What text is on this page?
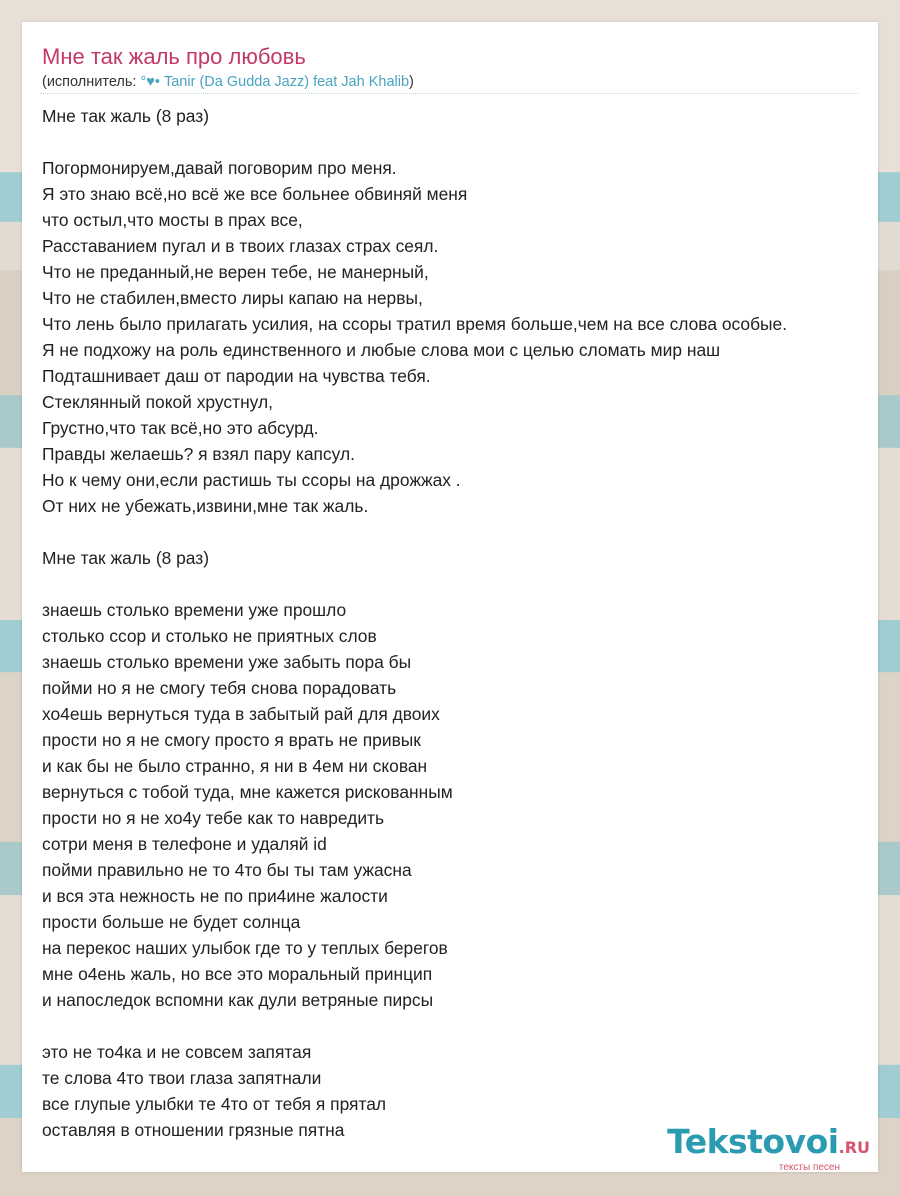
Мне так жаль про любовь
(исполнитель: °♥• Tanir (Da Gudda Jazz) feat Jah Khalib)
Мне так жаль (8 раз)
Погормонируем,давай поговорим про меня.
Я это знаю всё,но всё же все больнее обвиняй меня
что остыл,что мосты в прах все,
Расставанием пугал и в твоих глазах страх сеял.
Что не преданный,не верен тебе, не манерный,
Что не стабилен,вместо лиры капаю на нервы,
Что лень было прилагать усилия, на ссоры тратил время больше,чем на все слова особые.
Я не подхожу на роль единственного и любые слова мои с целью сломать мир наш
Подташнивает даш от пародии на чувства тебя.
Стеклянный покой хрустнул,
Грустно,что так всё,но это абсурд.
Правды желаешь? я взял пару капсул.
Но к чему они,если растишь ты ссоры на дрожжах .
От них не убежать,извини,мне так жаль.
Мне так жаль (8 раз)
знаешь столько времени уже прошло
столько ссор и столько не приятных слов
знаешь столько времени уже забыть пора бы
пойми но я не смогу тебя снова порадовать
хо4ешь вернуться туда в забытый рай для двоих
прости но я не смогу просто я врать не привык
и как бы не было странно, я ни в 4ем ни скован
вернуться с тобой туда, мне кажется рискованным
прости но я не хо4у тебе как то навредить
сотри меня в телефоне и удаляй id
пойми правильно не то 4то бы ты там ужасна
и вся эта нежность не по при4ине жалости
прости больше не будет солнца
на перекос наших улыбок где то у теплых берегов
мне о4ень жаль, но все это моральный принцип
и напоследок вспомни как дули ветряные пирсы
это не то4ка и не совсем запятая
те слова 4то твои глаза запятнали
все глупые улыбки те 4то от тебя я прятал
оставляя в отношении грязные пятна	Tekstovoi.RU
тексты песен
